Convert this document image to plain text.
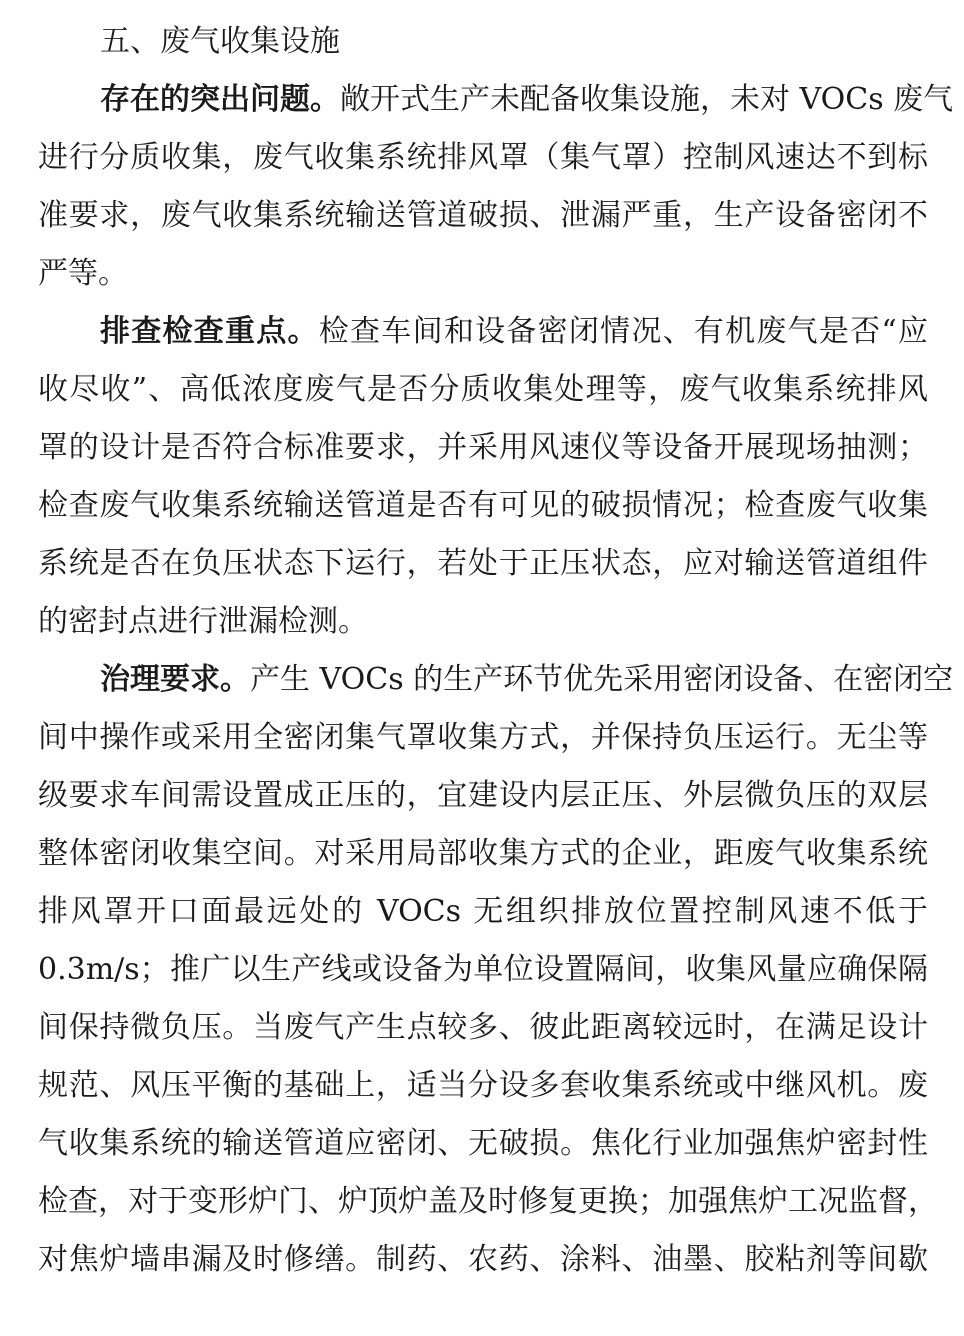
五、废气收集设施
存在的突出问题。敞开式生产未配备收集设施，未对 VOCs 废气
进行分质收集，废气收集系统排风罩（集气罩）控制风速达不到标
准要求，废气收集系统输送管道破损、泄漏严重，生产设备密闭不
严等。
排查检查重点。检查车间和设备密闭情况、有机废气是否“应
收尽收”、高低浓度废气是否分质收集处理等，废气收集系统排风
罩的设计是否符合标准要求，并采用风速仪等设备开展现场抽测；
检查废气收集系统输送管道是否有可见的破损情况；检查废气收集
系统是否在负压状态下运行，若处于正压状态，应对输送管道组件
的密封点进行泄漏检测。
治理要求。产生 VOCs 的生产环节优先采用密闭设备、在密闭空
间中操作或采用全密闭集气罩收集方式，并保持负压运行。无尘等
级要求车间需设置成正压的，宜建设内层正压、外层微负压的双层
整体密闭收集空间。对采用局部收集方式的企业，距废气收集系统
排风罩开口面最远处的 VOCs 无组织排放位置控制风速不低于
0.3m/s；推广以生产线或设备为单位设置隔间，收集风量应确保隔
间保持微负压。当废气产生点较多、彼此距离较远时，在满足设计
规范、风压平衡的基础上，适当分设多套收集系统或中继风机。废
气收集系统的输送管道应密闭、无破损。焦化行业加强焦炉密封性
检查，对于变形炉门、炉顶炉盖及时修复更换；加强焦炉工况监督，
对焦炉墙串漏及时修缮。制药、农药、涂料、油墨、胶粘剂等间歇
